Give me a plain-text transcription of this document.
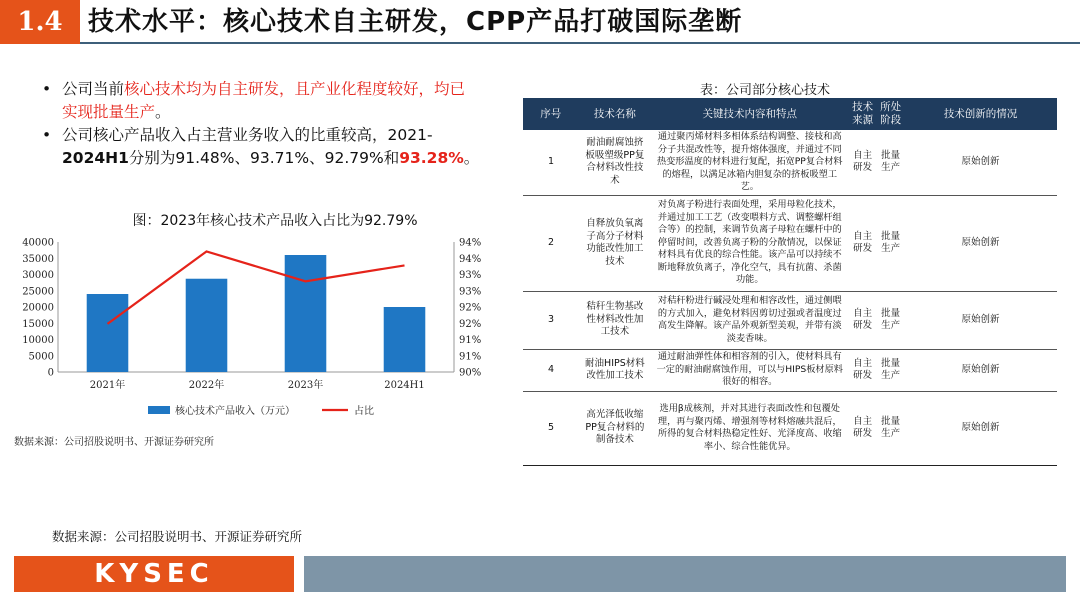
1.4 技术水平：核心技术自主研发，CPP产品打破国际垄断
• 公司当前核心技术均为自主研发，且产业化程度较好，均已实现批量生产。
• 公司核心产品收入占主营业务收入的比重较高，2021-2024H1分别为91.48%、93.71%、92.79%和93.28%。
图：2023年核心技术产品收入占比为92.79%
0
5000
10000
15000
20000
25000
30000
35000
40000
90%
91%
91%
92%
92%
93%
93%
94%
94%
2021年	2022年	2023年	2024H1
核心技术产品收入（万元）	占比
数据来源：公司招股说明书、开源证券研究所
表：公司部分核心技术
序号	技术名称	关键技术内容和特点	技术来源	所处阶段	技术创新的情况
1	耐油耐腐蚀挤板吸塑级PP复合材料改性技术	通过聚丙烯材料多相体系结构调整、接枝和高分子共混改性等，提升熔体强度，并通过不同热变形温度的材料进行复配，拓宽PP复合材料的熔程，以满足冰箱内胆复杂的挤板吸塑工艺。	自主研发	批量生产	原始创新
2	自释放负氧离子高分子材料功能改性加工技术	对负离子粉进行表面处理，采用母粒化技术，并通过加工工艺（改变喂料方式、调整螺杆组合等）的控制，来调节负离子母粒在螺杆中的停留时间，改善负离子粉的分散情况，以保证材料具有优良的综合性能。该产品可以持续不断地释放负离子，净化空气，具有抗菌、杀菌功能。	自主研发	批量生产	原始创新
3	秸秆生物基改性材料改性加工技术	对秸秆粉进行碱浸处理和相容改性，通过侧喂的方式加入，避免材料因剪切过强或者温度过高发生降解。该产品外观新型美观，并带有淡淡麦香味。	自主研发	批量生产	原始创新
4	耐油HIPS材料改性加工技术	通过耐油弹性体和相容剂的引入，使材料具有一定的耐油耐腐蚀作用，可以与HIPS板材原料很好的相容。	自主研发	批量生产	原始创新
5	高光泽低收缩PP复合材料的制备技术	选用β成核剂，并对其进行表面改性和包覆处理，再与聚丙烯、增强剂等材料熔融共混后，所得的复合材料热稳定性好、光泽度高、收缩率小、综合性能优异。	自主研发	批量生产	原始创新
数据来源：公司招股说明书、开源证券研究所
KYSEC
